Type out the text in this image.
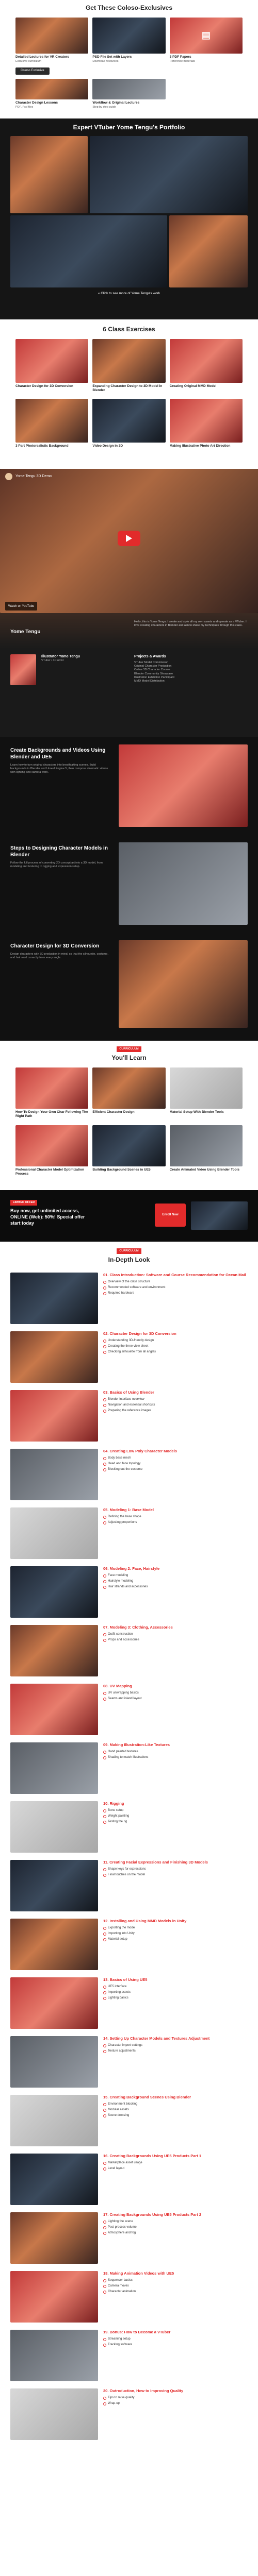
Get These Coloso-Exclusives
Detailed Lectures for VR Creators
Exclusive curriculum
PSD File Set with Layers
Download resources
▤
3 PDF Papers
Reference materials
Coloso Exclusive
Character Design Lessons
PDF, Psd files
Workflow & Original Lectures
Step by step guide
Expert VTuber Yome Tengu's Portfolio
« Click to see more of Yome Tengu's work
6 Class Exercises
Character Design for 3D Conversion	Expanding Character Design to 3D Model in Blender
Creating Original MMD Model
3 Part Photorealistic Background	Video Design in 3D	Making Illustrative Photo Art Direction
Yome Tengu 3D Demo
Watch on YouTube
Yome Tengu

Hello, this is Yome Tengu. I create and style all my own assets and operate as a VTuber. I love creating characters in Blender and aim to share my techniques through this class.

Illustrator Yome Tengu
VTuber / 3D Artist
Projects & Awards
VTuber Model Commission
Original Character Production
Online 3D Character Course
Blender Community Showcase
Illustration Exhibition Participant
MMD Model Distribution
Create Backgrounds and Videos Using Blender and UE5

Learn how to turn original characters into breathtaking scenes. Build backgrounds in Blender and Unreal Engine 5, then compose cinematic videos with lighting and camera work.

Steps to Designing Character Models in Blender

Follow the full process of converting 2D concept art into a 3D model, from modeling and texturing to rigging and expression setup.

Character Design for 3D Conversion

Design characters with 3D production in mind, so that the silhouette, costume, and hair read correctly from every angle.

CURRICULUM
You'll Learn
How To Design Your Own Char Following The Right Path
Efficient Character Design	Material Setup With Blender Tools
Professional Character Model Optimization Process
Building Background Scenes in UE5	Create Animated Video Using Blender Tools
LIMITED OFFER
Buy now, get unlimited access,
ONLINE (Web): 50%! Special offer
start today
Enroll Now
CURRICULUM
In-Depth Look
01. Class Introduction: Software and Course Recommendation for Ocean Mail
Overview of the class structure
Recommended software and environment
Required hardware
02. Character Design for 3D Conversion
Understanding 3D-friendly design
Creating the three-view sheet
Checking silhouette from all angles
03. Basics of Using Blender
Blender interface overview
Navigation and essential shortcuts
Preparing the reference images
04. Creating Low Poly Character Models
Body base mesh
Head and face topology
Blocking out the costume
05. Modeling 1: Base Model
Refining the base shape
Adjusting proportions
06. Modeling 2: Face, Hairstyle
Face modeling
Hairstyle modeling
Hair strands and accessories
07. Modeling 3: Clothing, Accessories
Outfit construction
Props and accessories
08. UV Mapping
UV unwrapping basics
Seams and island layout
09. Making Illustration-Like Textures
Hand painted textures
Shading to match illustrations
10. Rigging
Bone setup
Weight painting
Testing the rig
11. Creating Facial Expressions and Finishing 3D Models
Shape keys for expressions
Final touches on the model
12. Installing and Using MMD Models in Unity
Exporting the model
Importing into Unity
Material setup
13. Basics of Using UE5
UE5 interface
Importing assets
Lighting basics
14. Setting Up Character Models and Textures Adjustment
Character import settings
Texture adjustments
15. Creating Background Scenes Using Blender
Environment blocking
Modular assets
Scene dressing
16. Creating Backgrounds Using UE5 Products Part 1
Marketplace asset usage
Level layout
17. Creating Backgrounds Using UE5 Products Part 2
Lighting the scene
Post process volume
Atmosphere and fog
18. Making Animation Videos with UE5
Sequencer basics
Camera moves
Character animation
19. Bonus: How to Become a VTuber
Streaming setup
Tracking software
20. Outroduction, How to Improving Quality
Tips to raise quality
Wrap-up
